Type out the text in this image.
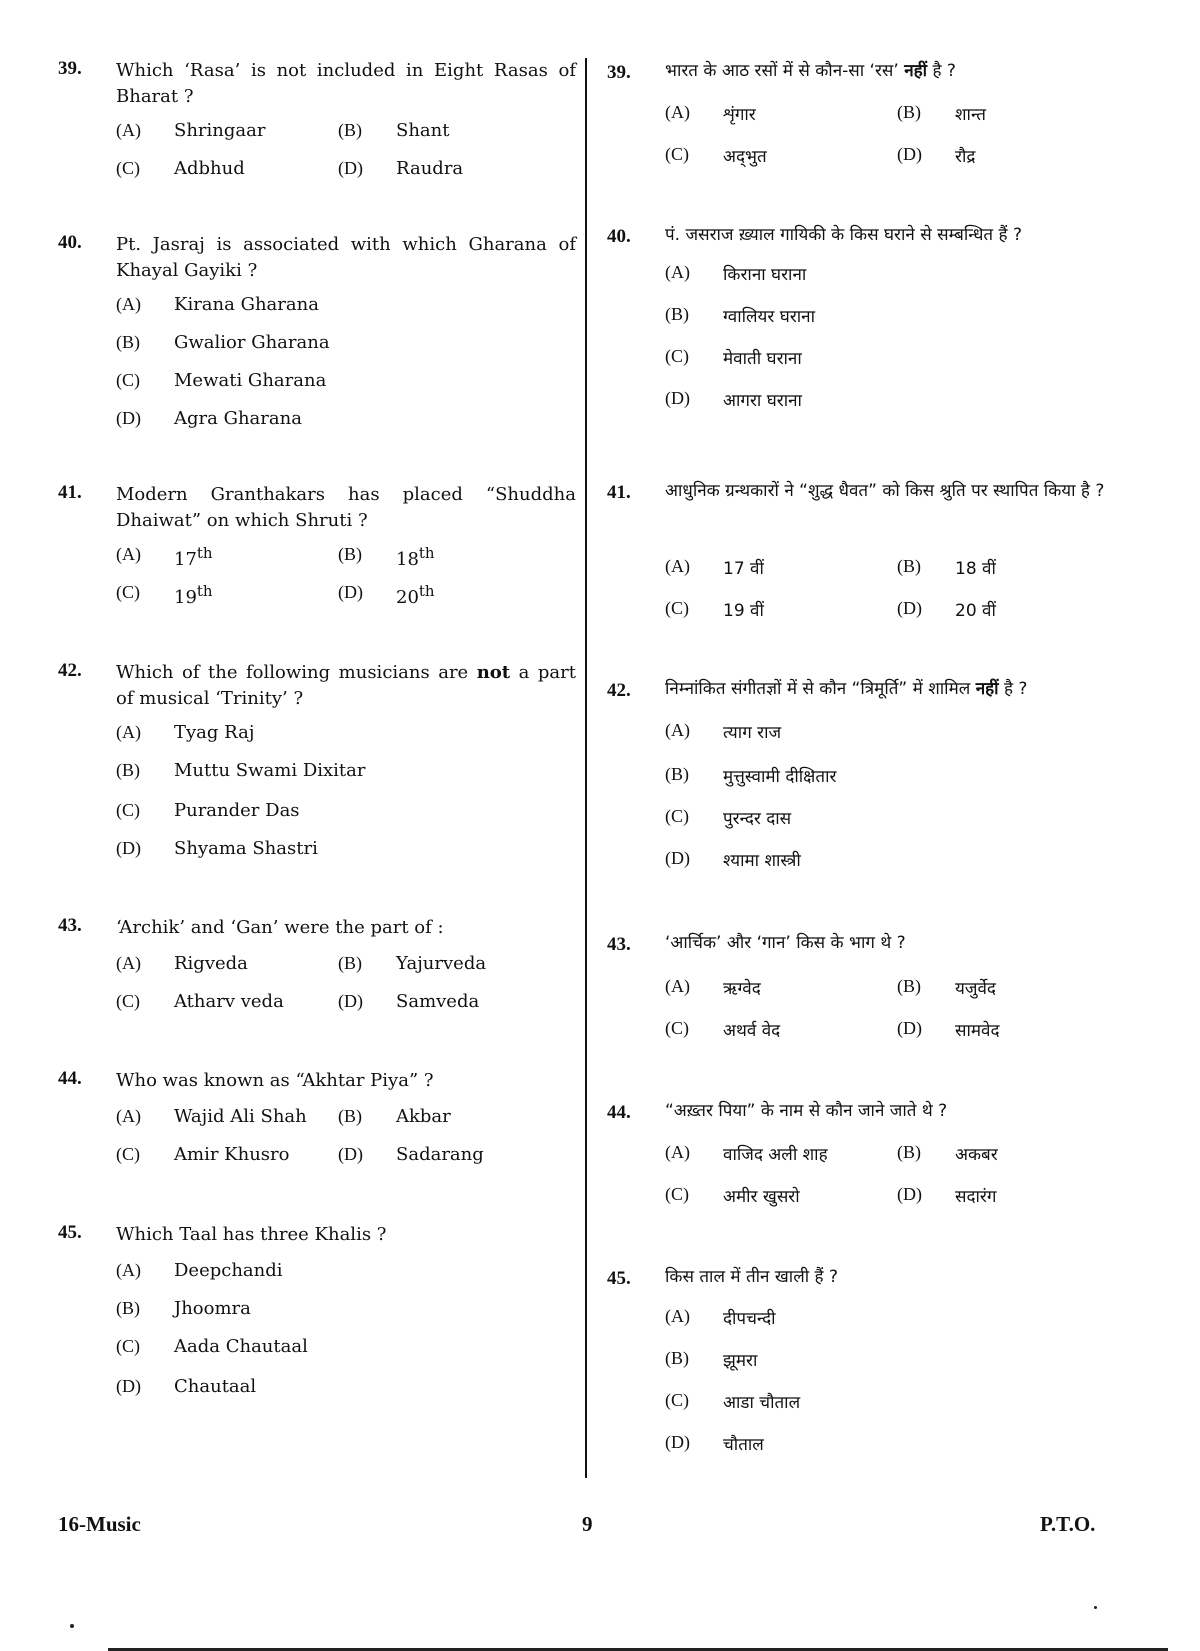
39. Which ‘Rasa’ is not included in Eight Rasas of Bharat ?
(A) Shringaar	(B) Shant
(C) Adbhud	(D) Raudra
40. Pt. Jasraj is associated with which Gharana of Khayal Gayiki ?
(A) Kirana Gharana
(B) Gwalior Gharana
(C) Mewati Gharana
(D) Agra Gharana
41. Modern Granthakars has placed “Shuddha Dhaiwat” on which Shruti ?
(A) 17th	(B) 18th
(C) 19th	(D) 20th
42. Which of the following musicians are not a part of musical ‘Trinity’ ?
(A) Tyag Raj
(B) Muttu Swami Dixitar
(C) Purander Das
(D) Shyama Shastri
43. ‘Archik’ and ‘Gan’ were the part of :
(A) Rigveda	(B) Yajurveda
(C) Atharv veda	(D) Samveda
44. Who was known as “Akhtar Piya” ?
(A) Wajid Ali Shah (B) Akbar
(C) Amir Khusro	(D) Sadarang
45. Which Taal has three Khalis ?
(A) Deepchandi
(B) Jhoomra
(C) Aada Chautaal
(D) Chautaal
39. भारत के आठ रसों में से कौन-सा ‘रस’ नहीं है ?
(A) शृंगार	(B) शान्त
(C) अद्‌भुत	(D) रौद्र
40. पं. जसराज ख़्याल गायिकी के किस घराने से सम्बन्धित हैं ?
(A) किराना घराना
(B) ग्वालियर घराना
(C) मेवाती घराना
(D) आगरा घराना
41. आधुनिक ग्रन्थकारों ने “शुद्ध धैवत” को किस श्रुति पर स्थापित किया है ?
(A) 17 वीं	(B) 18 वीं
(C) 19 वीं	(D) 20 वीं
42. निम्नांकित संगीतज्ञों में से कौन “त्रिमूर्ति” में शामिल नहीं है ?
(A) त्याग राज
(B) मुत्तुस्वामी दीक्षितार
(C) पुरन्दर दास
(D) श्यामा शास्त्री
43. ‘आर्चिक’ और ‘गान’ किस के भाग थे ?
(A) ऋग्वेद	(B) यजुर्वेद
(C) अथर्व वेद	(D) सामवेद
44. “अख़्तर पिया” के नाम से कौन जाने जाते थे ?
(A) वाजिद अली शाह	(B) अकबर
(C) अमीर खुसरो	(D) सदारंग
45. किस ताल में तीन खाली हैं ?
(A) दीपचन्दी
(B) झूमरा
(C) आडा चौताल
(D) चौताल
16-Music	9	P.T.O.
